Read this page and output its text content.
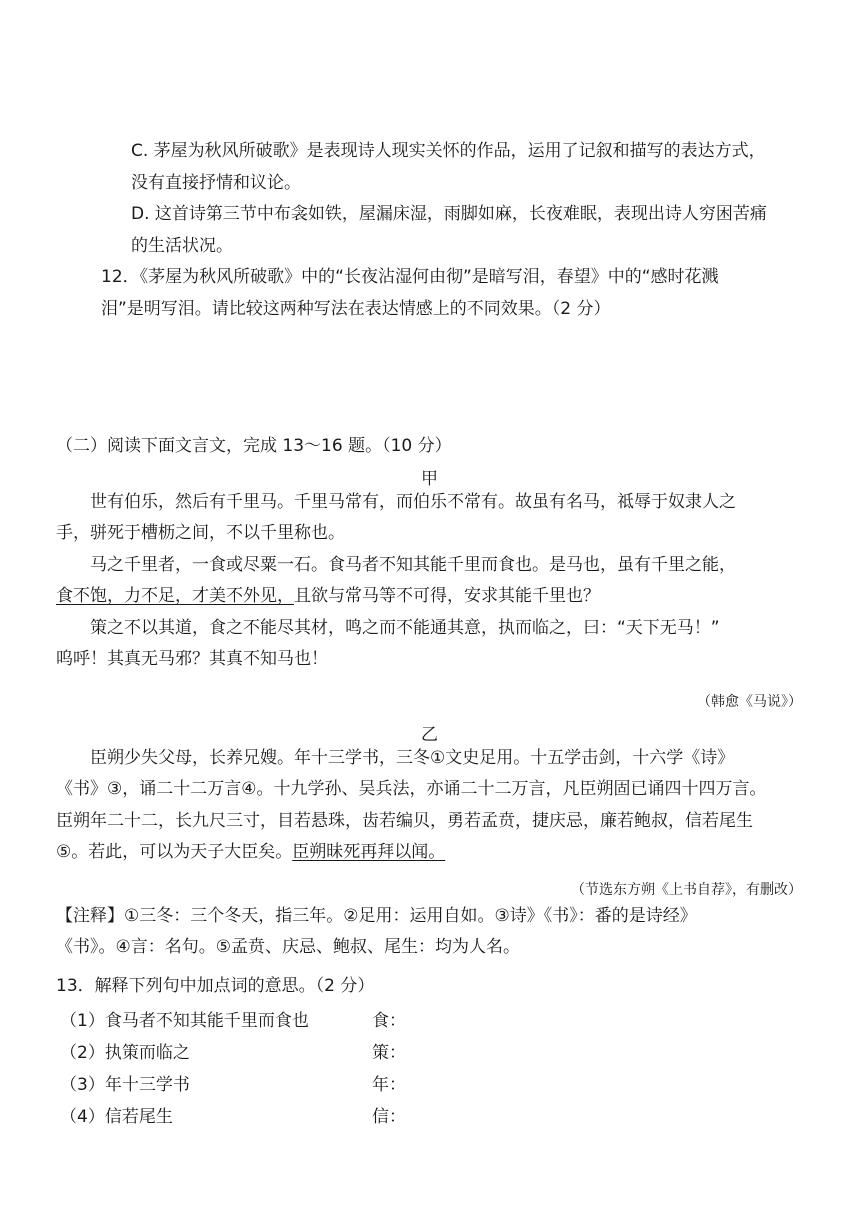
C. 茅屋为秋风所破歌》是表现诗人现实关怀的作品，运用了记叙和描写的表达方式，
没有直接抒情和议论。
D. 这首诗第三节中布衾如铁，屋漏床湿，雨脚如麻，长夜难眠，表现出诗人穷困苦痛
的生活状况。
12．《茅屋为秋风所破歌》中的“长夜沾湿何由彻”是暗写泪，春望》中的“感时花溅
泪”是明写泪。请比较这两种写法在表达情感上的不同效果。（2 分）
（二）阅读下面文言文，完成 13～16 题。（10 分）
甲
世有伯乐，然后有千里马。千里马常有，而伯乐不常有。故虽有名马，祗辱于奴隶人之
手，骈死于槽枥之间，不以千里称也。
马之千里者，一食或尽粟一石。食马者不知其能千里而食也。是马也，虽有千里之能，
食不饱，力不足，才美不外见，且欲与常马等不可得，安求其能千里也？
策之不以其道，食之不能尽其材，鸣之而不能通其意，执而临之，曰：“天下无马！”
呜呼！其真无马邪？其真不知马也！
（韩愈《马说》）
乙
臣朔少失父母，长养兄嫂。年十三学书，三冬①文史足用。十五学击剑，十六学《诗》
《书》③，诵二十二万言④。十九学孙、吴兵法，亦诵二十二万言，凡臣朔固已诵四十四万言。
臣朔年二十二，长九尺三寸，目若悬珠，齿若编贝，勇若孟贲，捷庆忌，廉若鲍叔，信若尾生
⑤。若此，可以为天子大臣矣。臣朔昧死再拜以闻。
（节选东方朔《上书自荐》，有删改）
【注释】①三冬：三个冬天，指三年。②足用：运用自如。③诗》《书》：番的是诗经》
《书》。④言：名句。⑤孟贲、庆忌、鲍叔、尾生：均为人名。
13．解释下列句中加点词的意思。（2 分）
（1）食马者不知其能千里而食也	食：
（2）执策而临之	策：
（3）年十三学书	年：
（4）信若尾生	信：
